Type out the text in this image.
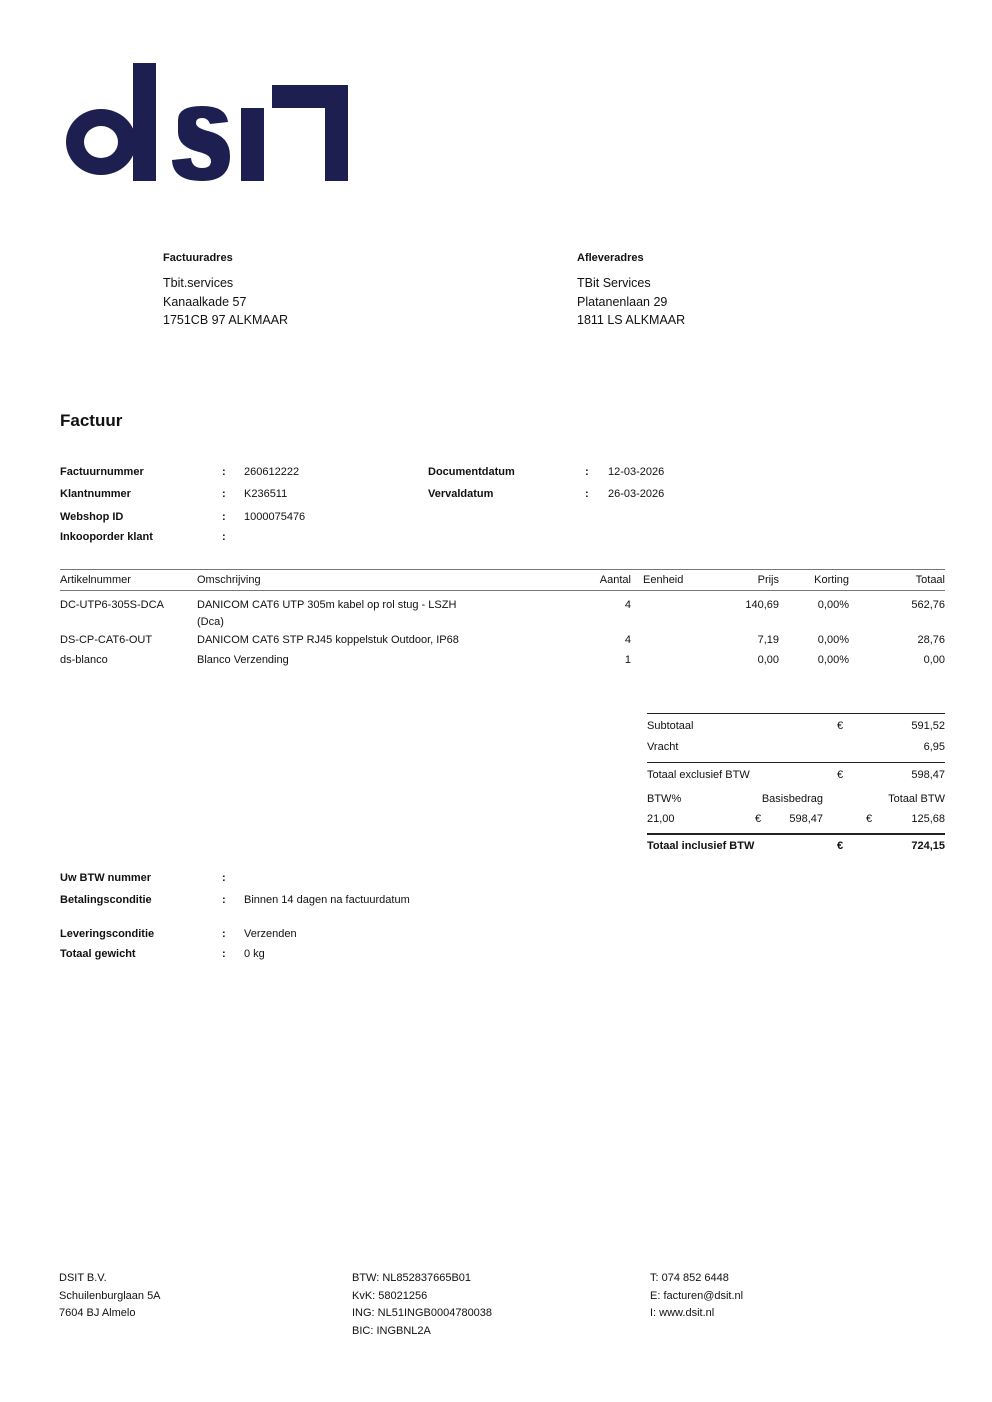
Factuuradres
Tbit.services
Kanaalkade 57
1751CB 97 ALKMAAR
Afleveradres
TBit Services
Platanenlaan 29
1811 LS ALKMAAR
Factuur
Factuurnummer	: 260612222
Klantnummer	: K236511
Webshop ID	: 1000075476
Inkooporder klant	:
Documentdatum	: 12-03-2026
Vervaldatum	: 26-03-2026
Artikelnummer	Omschrijving	Aantal Eenheid	Prijs	Korting	Totaal
DC-UTP6-305S-DCA	DANICOM CAT6 UTP 305m kabel op rol stug - LSZH
(Dca)
4	140,69	0,00%	562,76
DS-CP-CAT6-OUT	DANICOM CAT6 STP RJ45 koppelstuk Outdoor, IP68	4	7,19	0,00%	28,76
ds-blanco	Blanco Verzending	1	0,00	0,00%	0,00
Subtotaal	€	591,52
Vracht	6,95
Totaal exclusief BTW	€	598,47
BTW%	Basisbedrag	Totaal BTW
21,00	€	598,47	€	125,68
Totaal inclusief BTW	€	724,15
Uw BTW nummer	:
Betalingsconditie	: Binnen 14 dagen na factuurdatum
Leveringsconditie	: Verzenden
Totaal gewicht	: 0 kg
DSIT B.V.
Schuilenburglaan 5A
7604 BJ Almelo
BTW: NL852837665B01
KvK: 58021256
ING: NL51INGB0004780038
BIC: INGBNL2A
T: 074 852 6448
E: facturen@dsit.nl
I: www.dsit.nl
